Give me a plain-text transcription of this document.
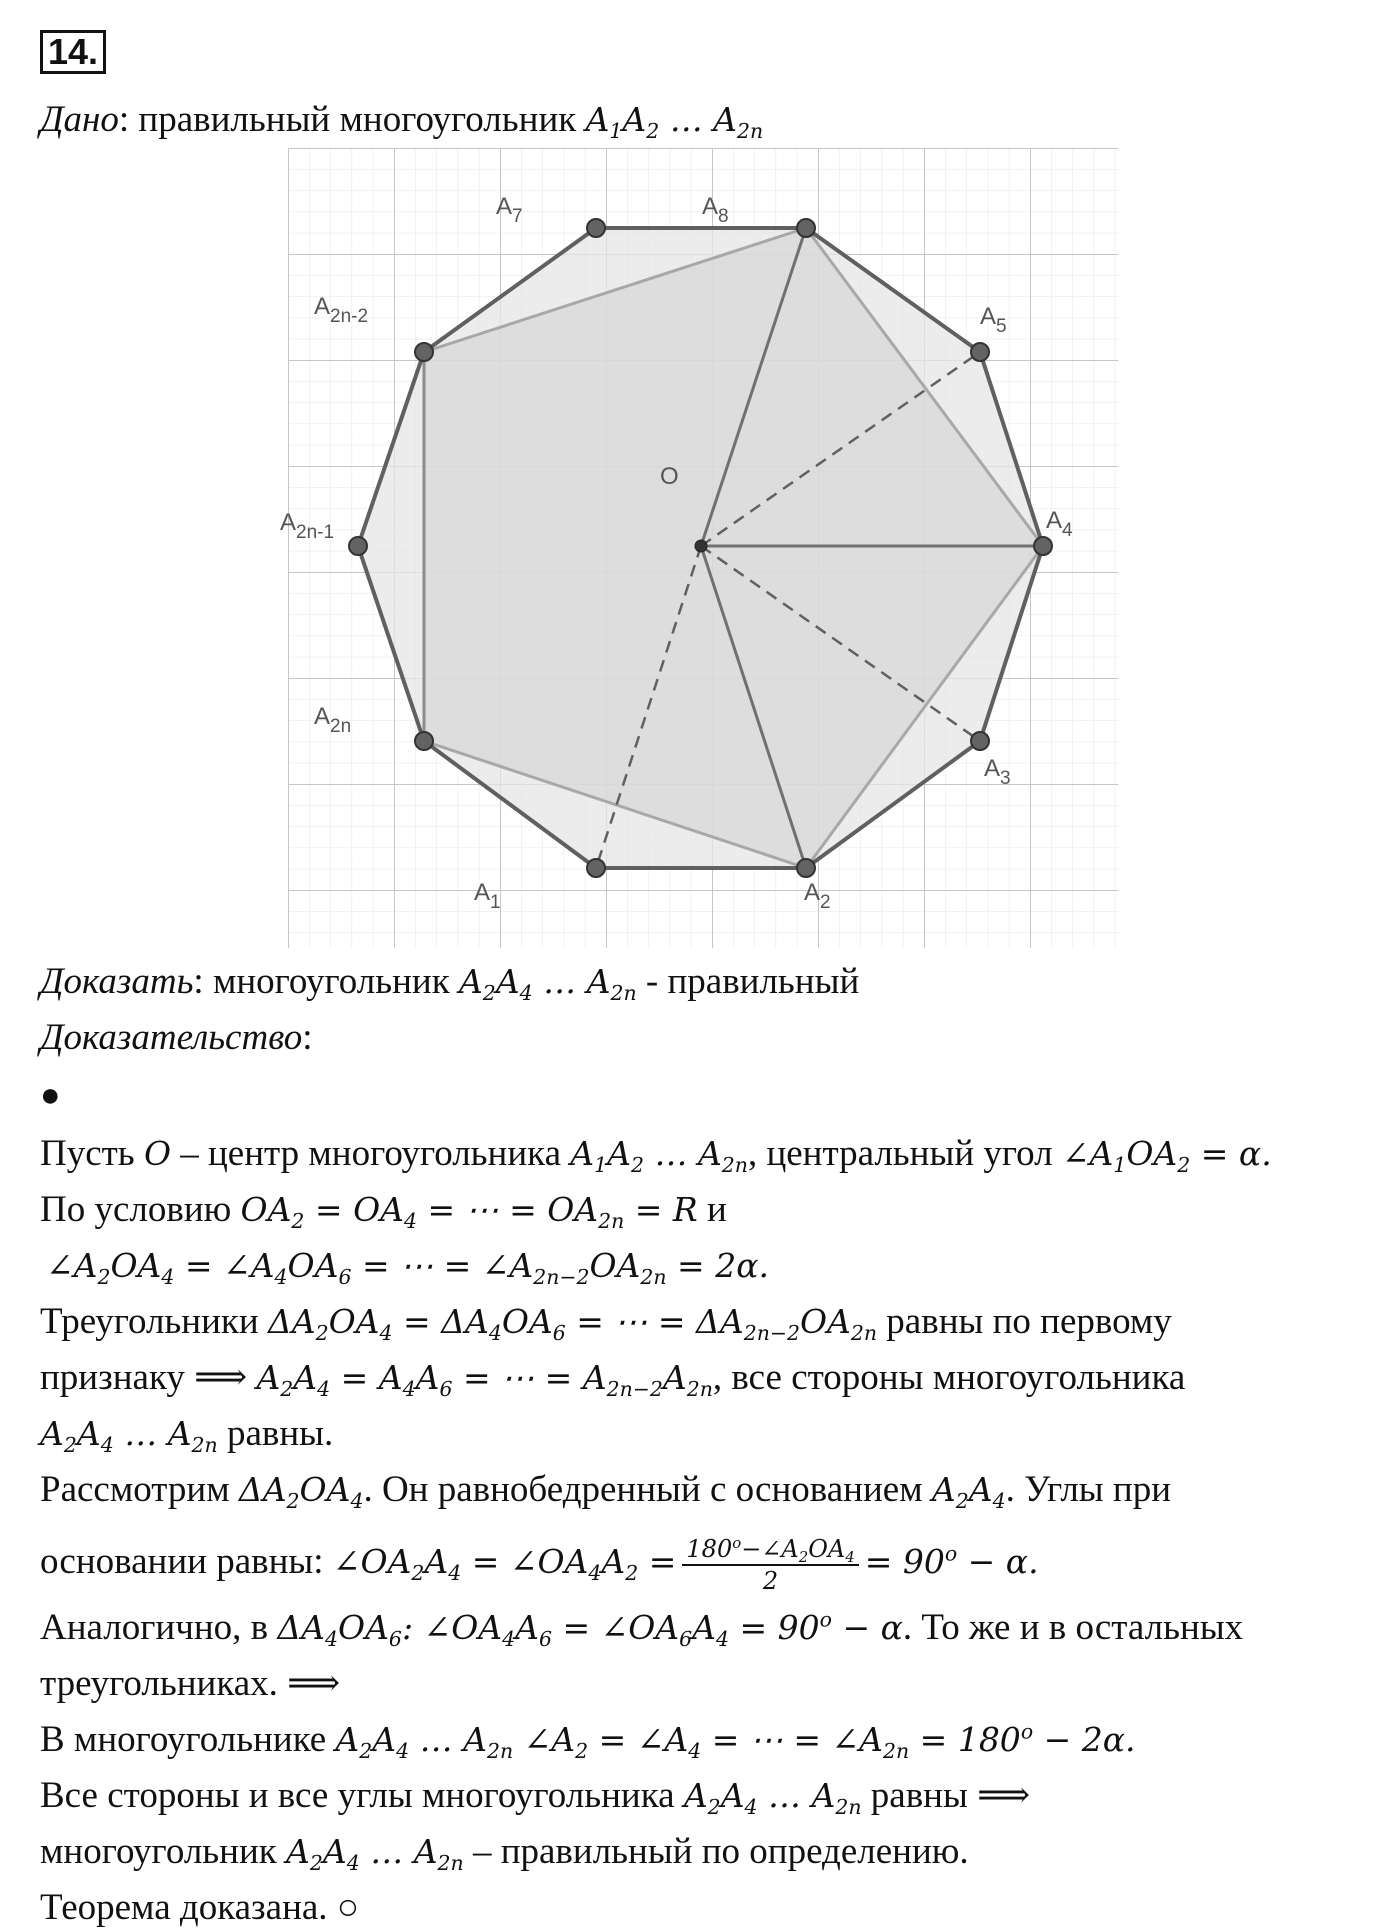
14.
Дано: правильный многоугольник $A_1A_2$ … $A_{2n}$
$A_7$	$A_8$
$A_{2n-2}$	$A_5$
$A_{2n-1}$
O
$A_4$
$A_{2n}$
$A_3$
$A_1$	$A_2$
Доказать: многоугольник $A_2A_4$ … $A_{2n}$ - правильный
Доказательство:
●
Пусть O – центр многоугольника $A_1A_2$ … $A_{2n}$, центральный угол $\angle A_1OA_2 = \alpha$.
По условию $OA_2 = OA_4$ = ⋯ = $OA_{2n} = R$ и
$\angle A_2OA_4$ = $\angle A_4OA_6$ = ⋯ = $\angle A_{2n-2}OA_{2n} = 2\alpha$.
Треугольники $\Delta A_2OA_4 = \Delta A_4OA_6$ = ⋯ = $\Delta A_{2n-2}OA_{2n}$ равны по первому
признаку ⟹ $A_2A_4 = A_4A_6$ = ⋯ = $A_{2n-2}A_{2n}$, все стороны многоугольника
$A_2A_4$ … $A_{2n}$ равны.
Рассмотрим $\Delta A_2OA_4$. Он равнобедренный с основанием $A_2A_4$. Углы при
основании равны: $\angle OA_2A_4$ = $\angle OA_4A_2 = \frac{180^o-\angle A_2OA_4}{2} = 90^o - \alpha$.
Аналогично, в $\Delta A_4OA_6$: $\angle OA_4A_6$ = $\angle OA_6A_4 = 90^o - \alpha$. То же и в остальных
треугольниках. ⟹
В многоугольнике $A_2A_4$ … $A_{2n}$ $\angle A_2$ = $\angle A_4$ = ⋯ = $\angle A_{2n} = 180^o - 2\alpha$.
Все стороны и все углы многоугольника $A_2A_4$ … $A_{2n}$ равны ⟹
многоугольник $A_2A_4$ … $A_{2n}$ – правильный по определению.
Теорема доказана. ○
